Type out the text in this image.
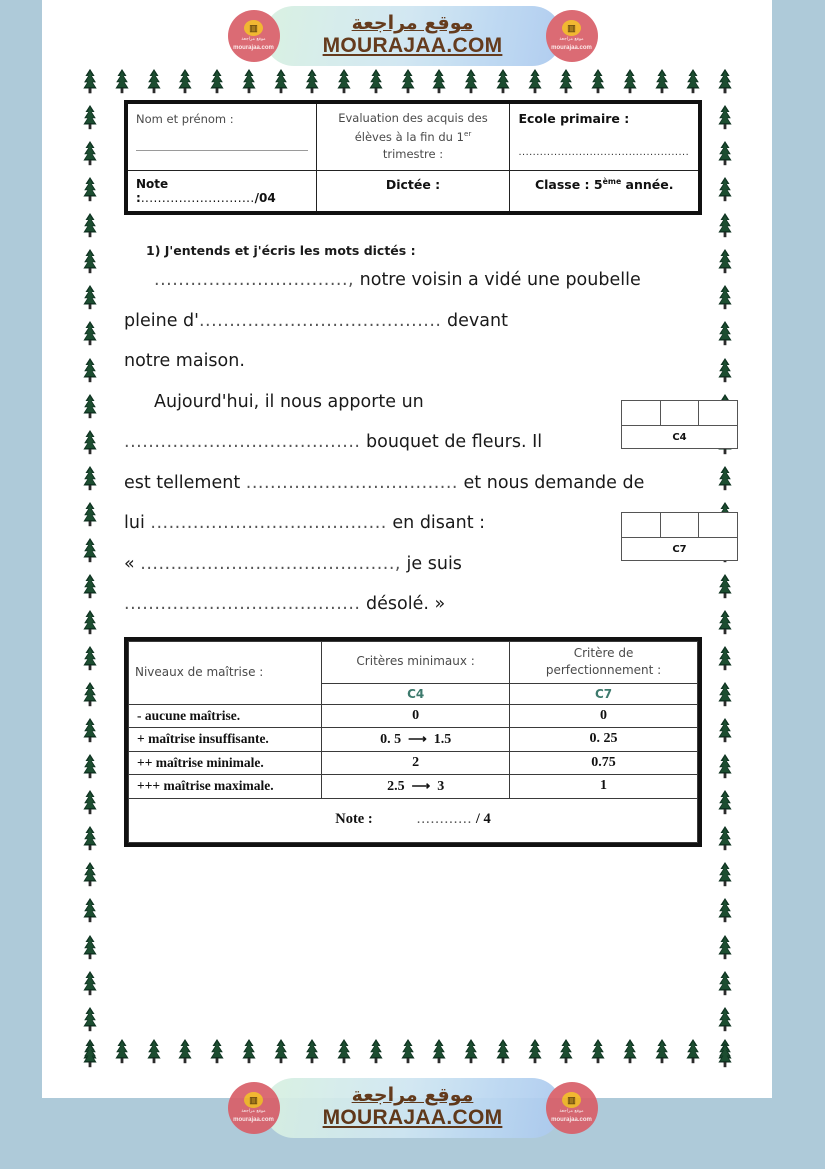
Nom et prénom :	Evaluation des acquis des
élèves à la fin du 1er
trimestre :	Ecole primaire :
................................................

Note :.........................../04	Dictée :	Classe : 5ème année.
1) J'entends et j'écris les mots dictés :
................................, notre voisin a vidé une poubelle
pleine d'........................................ devant
notre maison.
Aujourd'hui, il nous apporte un
....................................... bouquet de fleurs. Il
est tellement ................................... et nous demande de
lui ....................................... en disant :
« .........................................., je suis
....................................... désolé. »
C4
C7
Niveaux de maîtrise :	Critères minimaux :	Critère de
perfectionnement :
	C4	C7
- aucune maîtrise.	0	0
+ maîtrise insuffisante.	0. 5 ⟶ 1.5	0. 25
++ maîtrise minimale.	2	0.75
+++ maîtrise maximale.	2.5 ⟶ 3	1
Note : ............ / 4		
▥
موقع مراجعة
mourajaa.com
موقع مراجعة
MOURAJAA.COM
▥
موقع مراجعة
mourajaa.com
▥
موقع مراجعة
mourajaa.com
موقع مراجعة
MOURAJAA.COM
▥
موقع مراجعة
mourajaa.com
